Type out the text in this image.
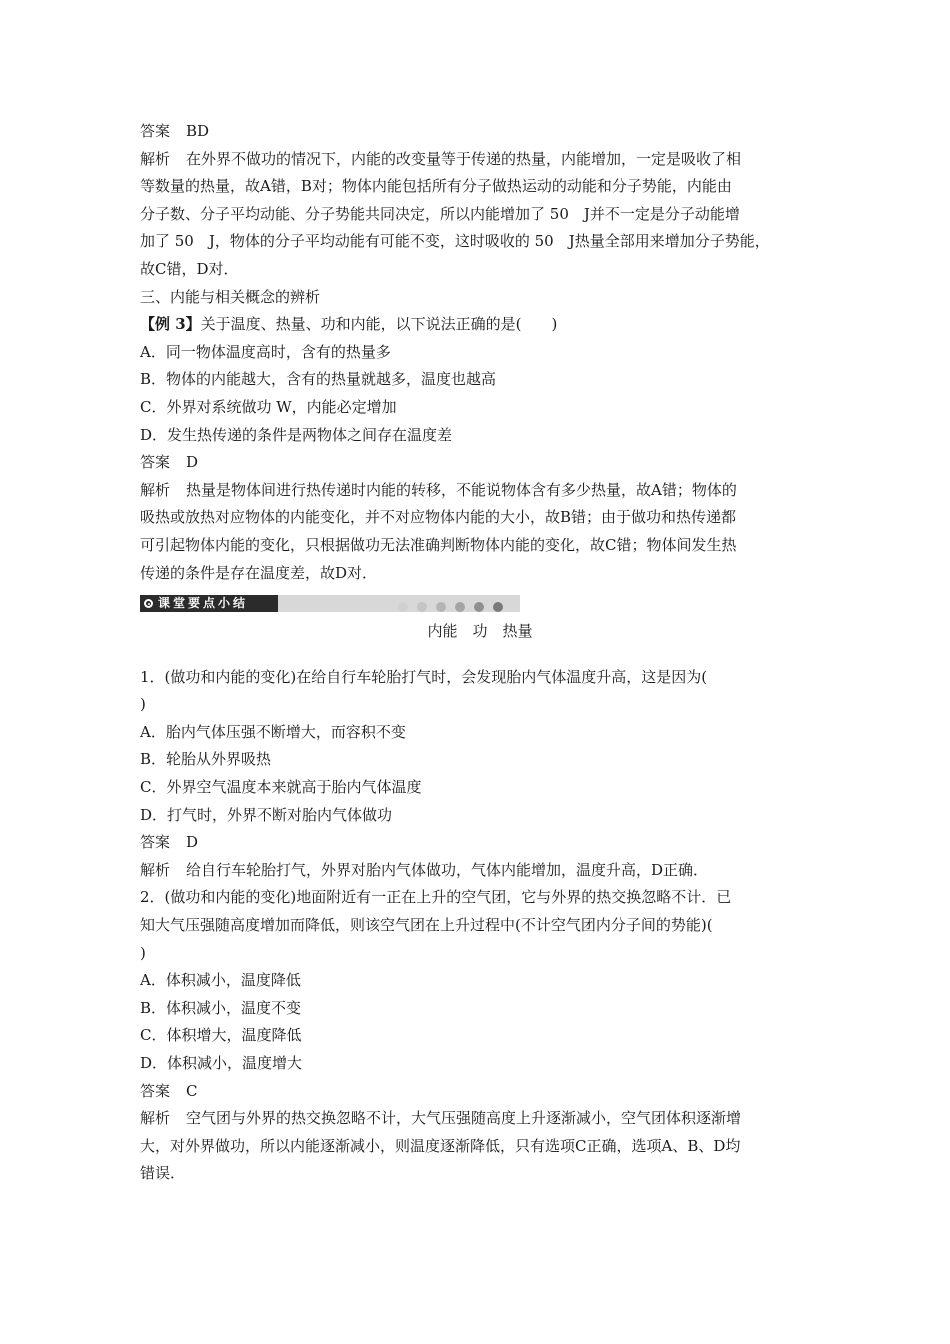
答案 BD
解析 在外界不做功的情况下，内能的改变量等于传递的热量，内能增加，一定是吸收了相
等数量的热量，故A错，B对；物体内能包括所有分子做热运动的动能和分子势能，内能由
分子数、分子平均动能、分子势能共同决定，所以内能增加了 50　J并不一定是分子动能增
加了 50　J，物体的分子平均动能有可能不变，这时吸收的 50　J热量全部用来增加分子势能，
故C错，D对．
三、内能与相关概念的辨析
【例 3】关于温度、热量、功和内能，以下说法正确的是(　　)
A．同一物体温度高时，含有的热量多
B．物体的内能越大，含有的热量就越多，温度也越高
C．外界对系统做功 W，内能必定增加
D．发生热传递的条件是两物体之间存在温度差
答案 D
解析 热量是物体间进行热传递时内能的转移，不能说物体含有多少热量，故A错；物体的
吸热或放热对应物体的内能变化，并不对应物体内能的大小，故B错；由于做功和热传递都
可引起物体内能的变化，只根据做功无法准确判断物体内能的变化，故C错；物体间发生热
传递的条件是存在温度差，故D对．
课堂要点小结
内能　功　热量
1．(做功和内能的变化)在给自行车轮胎打气时，会发现胎内气体温度升高，这是因为(
)
A．胎内气体压强不断增大，而容积不变
B．轮胎从外界吸热
C．外界空气温度本来就高于胎内气体温度
D．打气时，外界不断对胎内气体做功
答案 D
解析 给自行车轮胎打气，外界对胎内气体做功，气体内能增加，温度升高，D正确．
2．(做功和内能的变化)地面附近有一正在上升的空气团，它与外界的热交换忽略不计．已
知大气压强随高度增加而降低，则该空气团在上升过程中(不计空气团内分子间的势能)(
)
A．体积减小，温度降低
B．体积减小，温度不变
C．体积增大，温度降低
D．体积减小，温度增大
答案 C
解析 空气团与外界的热交换忽略不计，大气压强随高度上升逐渐减小，空气团体积逐渐增
大，对外界做功，所以内能逐渐减小，则温度逐渐降低，只有选项C正确，选项A、B、D均
错误．
